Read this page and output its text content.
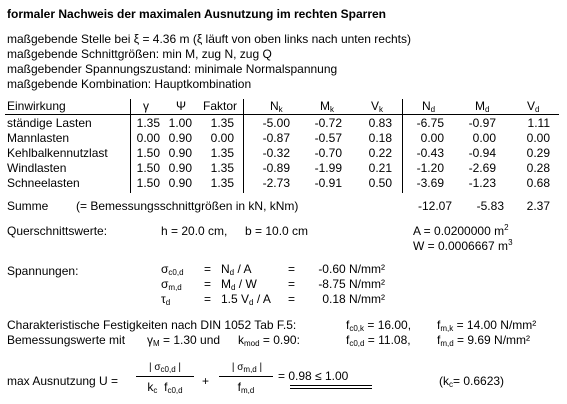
formaler Nachweis der maximalen Ausnutzung im rechten Sparren
maßgebende Stelle bei ξ = 4.36 m (ξ läuft von oben links nach unten rechts)
maßgebende Schnittgrößen: min M, zug N, zug Q
maßgebender Spannungszustand: minimale Normalspannung
maßgebende Kombination: Hauptkombination
Einwirkung	γ Ψ Faktor	$N_k$	$M_k$	$V_k$	$N_d$	$M_d$	$V_d$
ständige Lasten	1.35 1.00	1.35	-5.00	-0.72	0.83	-6.75	-0.97	1.11
Mannlasten	0.00 0.90	0.00	-0.87	-0.57	0.18	0.00	0.00	0.00
Kehlbalkennutzlast	1.50 0.90	1.35	-0.32	-0.70	0.22	-0.43	-0.94	0.29
Windlasten	1.50 0.90	1.35	-0.89	-1.99	0.21	-1.20	-2.69	0.28
Schneelasten	1.50 0.90	1.35	-2.73	-0.91	0.50	-3.69	-1.23	0.68
Summe (= Bemessungsschnittgrößen in kN, kNm)	-12.07	-5.83	2.37
Querschnittswerte:	h = 20.0 cm, b = 10.0 cm	A = 0.0200000 $m^2$
W = 0.0006667 $m^3$
Spannungen:	$\sigma_{c0,d} = N_d / A$	=	-0.60 N/mm²
$\sigma_{m,d} = M_d / W$	=	-8.75 N/mm²
$\tau_d$	= 1.5 $V_d$ / A =	0.18 N/mm²
Charakteristische Festigkeiten nach DIN 1052 Tab F.5:	$f_{c0,k} = 16.00$, $f_{m,k} = 14.00$ N/mm²
Bemessungswerte mit $\gamma_M = 1.30$ und $k_{mod} = 0.90$:	$f_{c0,d} = 11.08$, $f_{m,d} = 9.69$ N/mm²
max Ausnutzung U =
| $\sigma_{c0,d}$ |
$k_c$ $f_{c0,d}$
+
| $\sigma_{m,d}$ |
$f_{m,d}$
= 0.98 ≤ 1.00	$(k_c= 0.6623)$
